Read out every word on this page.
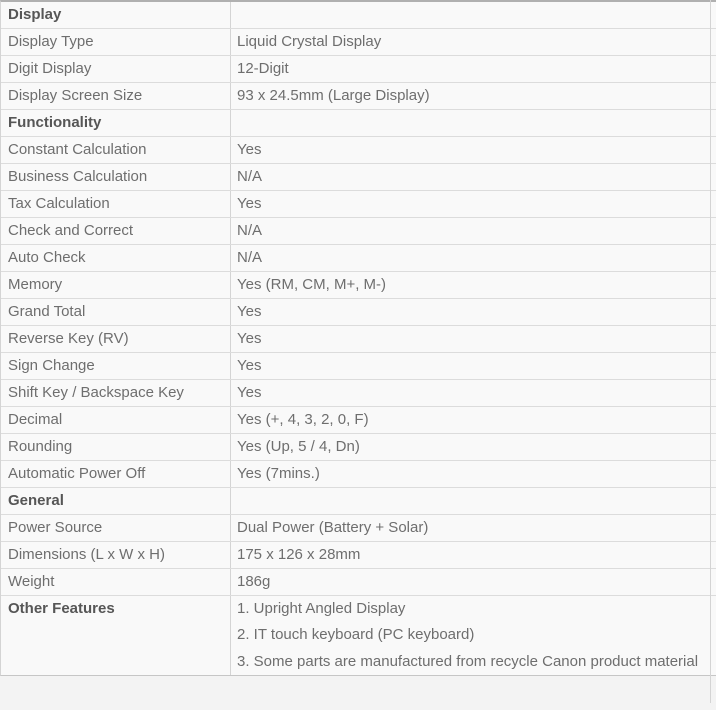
Display
Display Type	Liquid Crystal Display
Digit Display	12-Digit
Display Screen Size	93 x 24.5mm (Large Display)
Functionality
Constant Calculation	Yes
Business Calculation	N/A
Tax Calculation	Yes
Check and Correct	N/A
Auto Check	N/A
Memory	Yes (RM, CM, M+, M-)
Grand Total	Yes
Reverse Key (RV)	Yes
Sign Change	Yes
Shift Key / Backspace Key	Yes
Decimal	Yes (+, 4, 3, 2, 0, F)
Rounding	Yes (Up, 5 / 4, Dn)
Automatic Power Off	Yes (7mins.)
General
Power Source	Dual Power (Battery + Solar)
Dimensions (L x W x H)	175 x 126 x 28mm
Weight	186g
Other Features	1. Upright Angled Display

2. IT touch keyboard (PC keyboard)

3. Some parts are manufactured from recycle Canon product material
